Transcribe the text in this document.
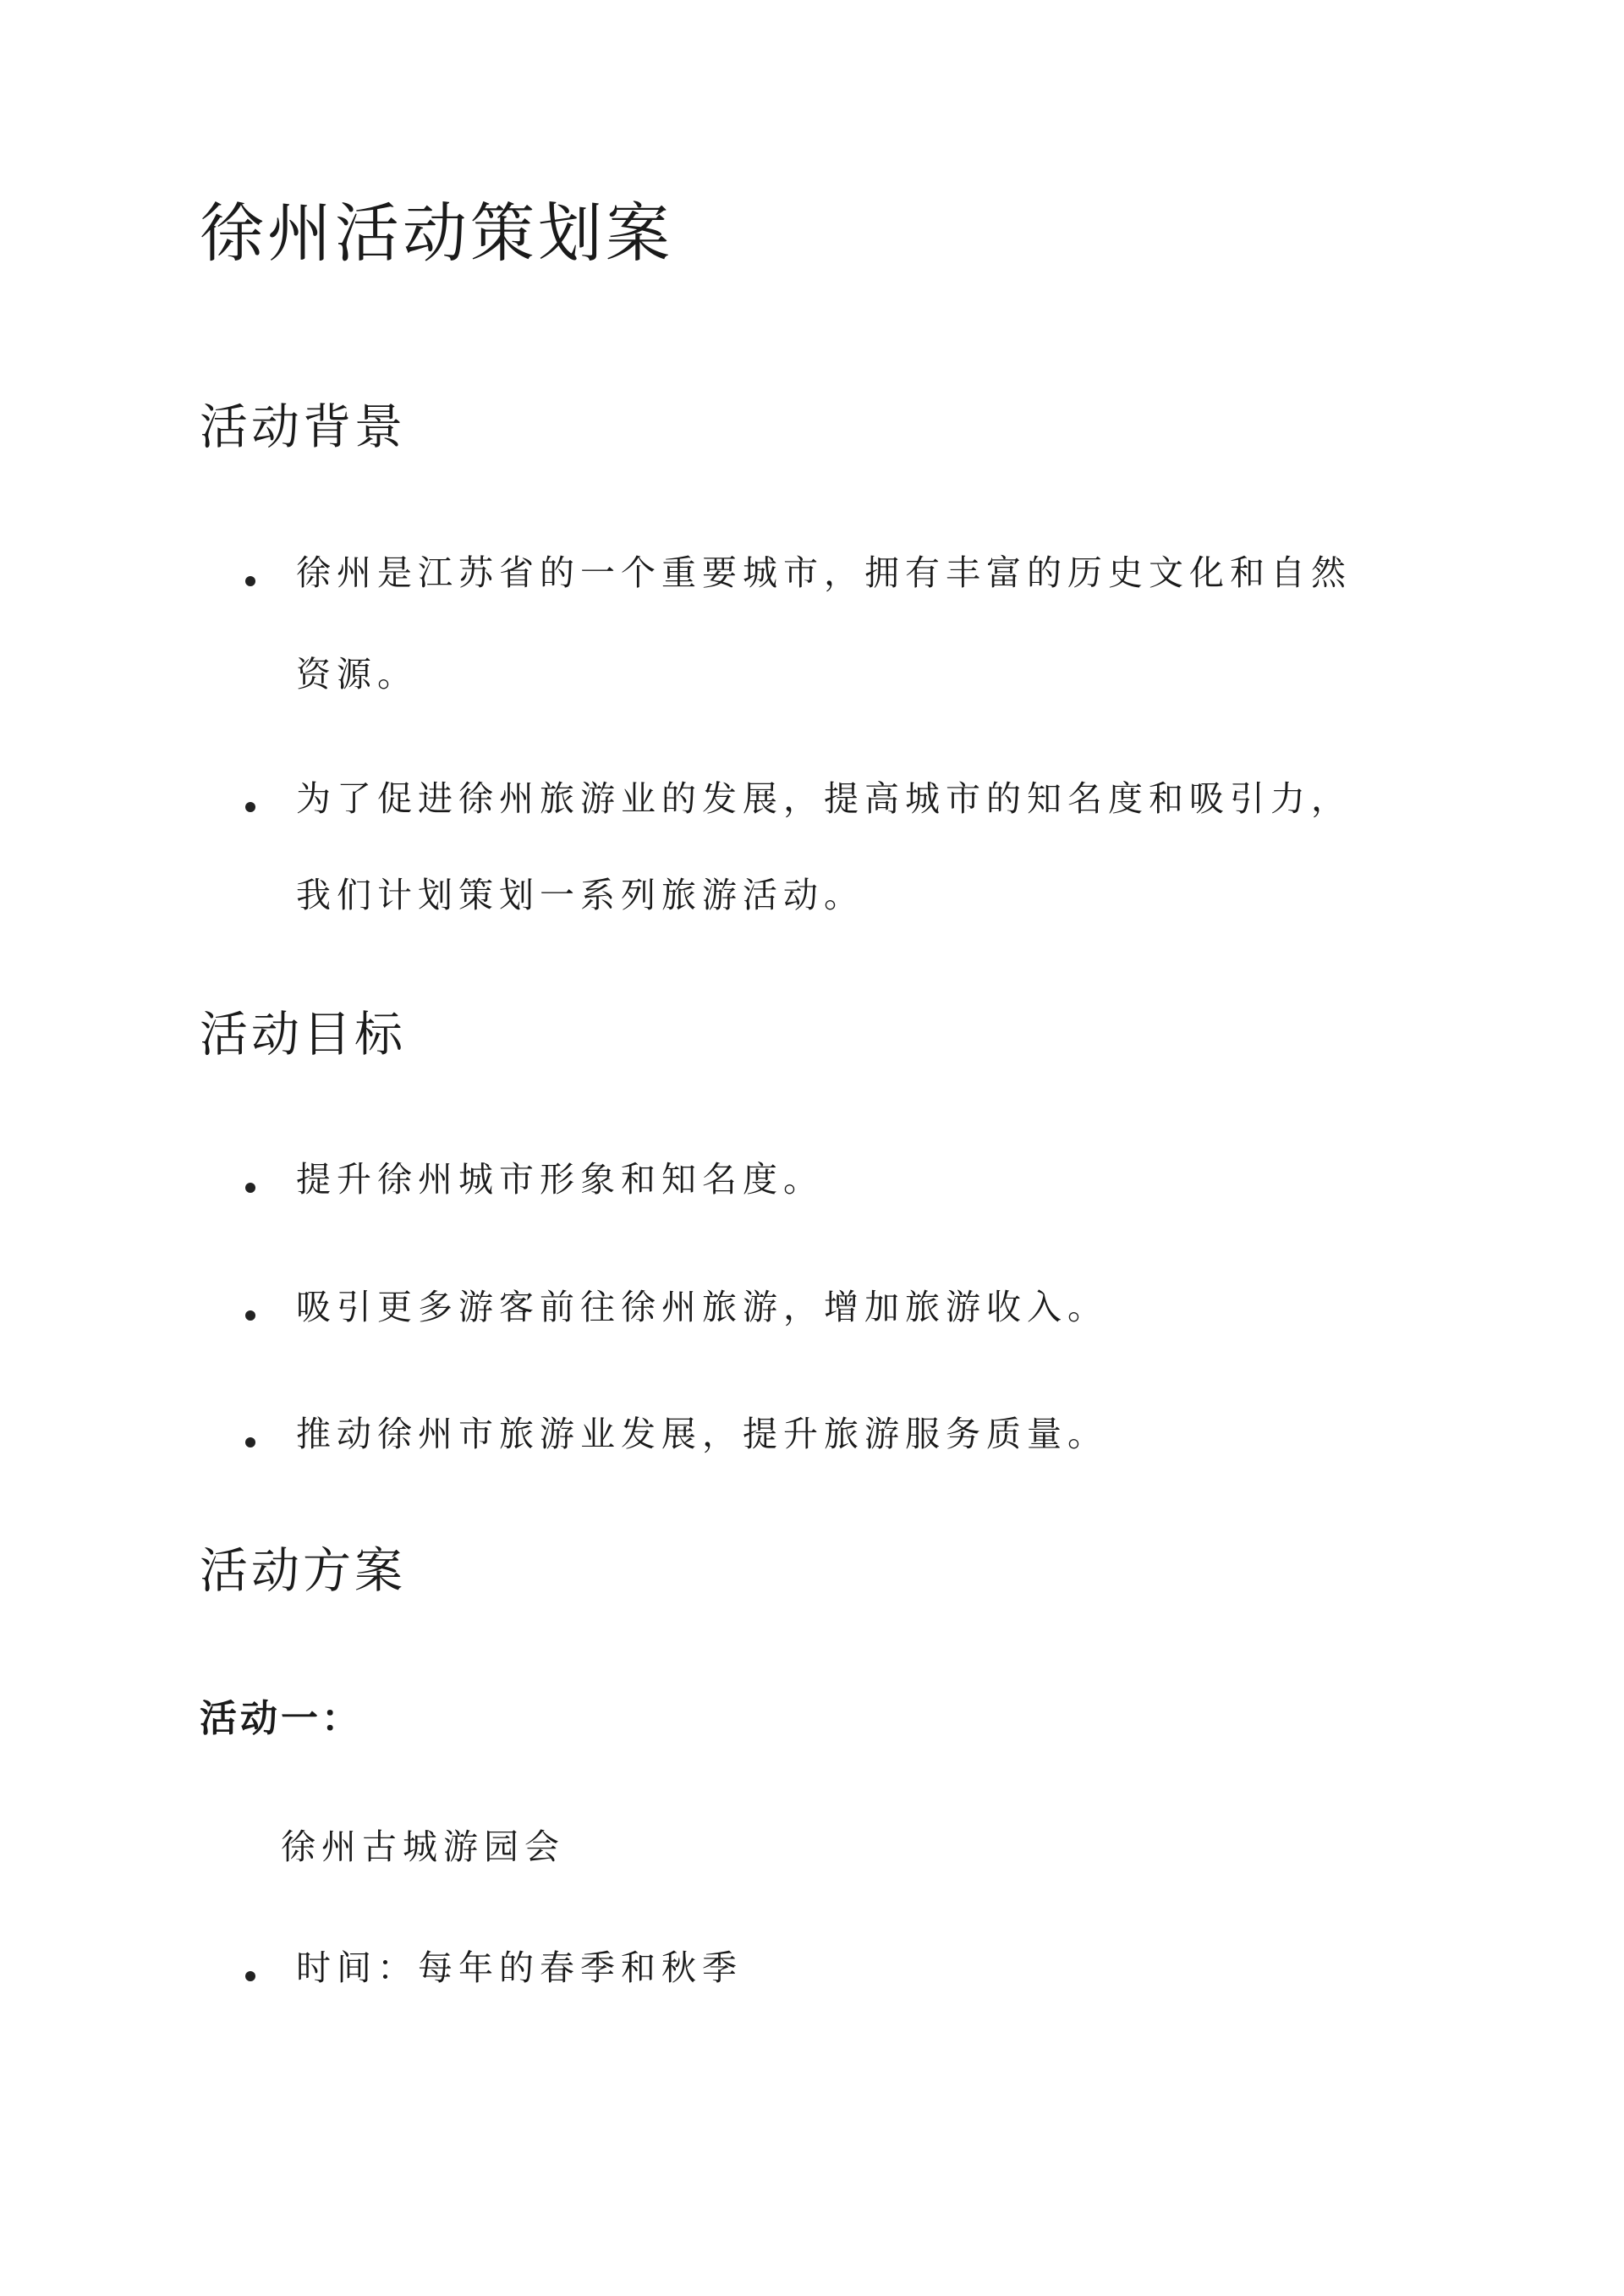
徐州活动策划案
活动背景

徐州是江苏省的一个重要城市，拥有丰富的历史文化和自然

资源。

为了促进徐州旅游业的发展，提高城市的知名度和吸引力，

我们计划策划一系列旅游活动。

活动目标

提升徐州城市形象和知名度。

吸引更多游客前往徐州旅游，增加旅游收入。

推动徐州市旅游业发展，提升旅游服务质量。

活动方案
活动一：

徐州古城游园会

时间：每年的春季和秋季
